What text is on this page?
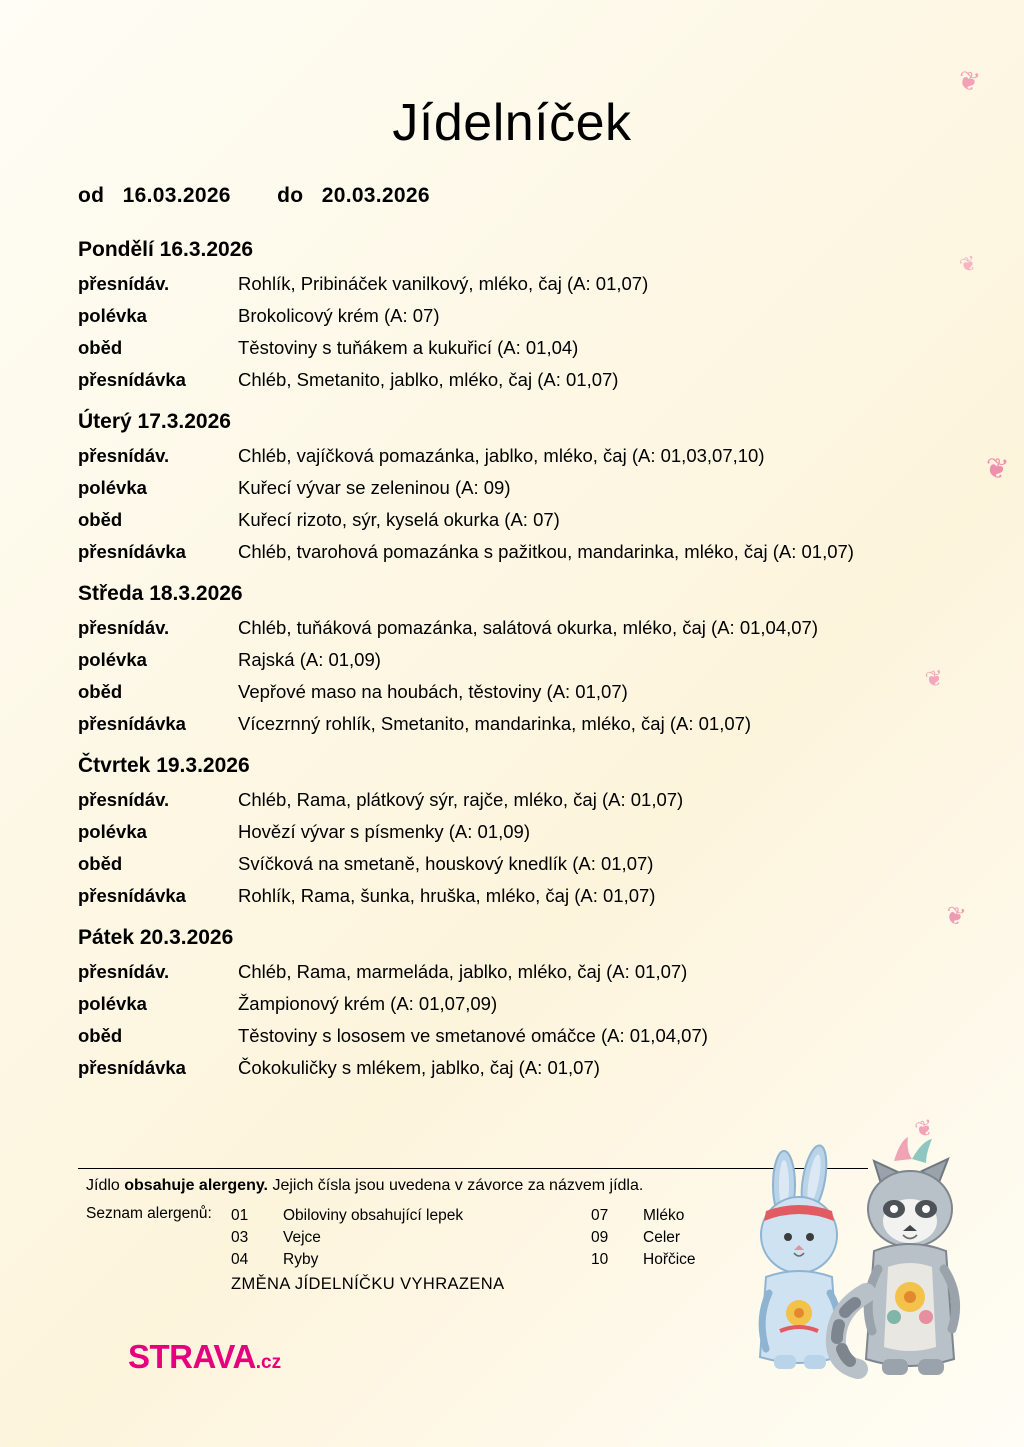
❦
❦
❦
❦
❦
❦
Jídelníček
od 16.03.2026 do 20.03.2026
Pondělí 16.3.2026
přesnídáv.	Rohlík, Pribináček vanilkový, mléko, čaj (A: 01,07)
polévka	Brokolicový krém (A: 07)
oběd	Těstoviny s tuňákem a kukuřicí (A: 01,04)
přesnídávka	Chléb, Smetanito, jablko, mléko, čaj (A: 01,07)
Úterý 17.3.2026
přesnídáv.	Chléb, vajíčková pomazánka, jablko, mléko, čaj (A: 01,03,07,10)
polévka	Kuřecí vývar se zeleninou (A: 09)
oběd	Kuřecí rizoto, sýr, kyselá okurka (A: 07)
přesnídávka	Chléb, tvarohová pomazánka s pažitkou, mandarinka, mléko, čaj (A: 01,07)
Středa 18.3.2026
přesnídáv.	Chléb, tuňáková pomazánka, salátová okurka, mléko, čaj (A: 01,04,07)
polévka	Rajská (A: 01,09)
oběd	Vepřové maso na houbách, těstoviny (A: 01,07)
přesnídávka	Vícezrnný rohlík, Smetanito, mandarinka, mléko, čaj (A: 01,07)
Čtvrtek 19.3.2026
přesnídáv.	Chléb, Rama, plátkový sýr, rajče, mléko, čaj (A: 01,07)
polévka	Hovězí vývar s písmenky (A: 01,09)
oběd	Svíčková na smetaně, houskový knedlík (A: 01,07)
přesnídávka	Rohlík, Rama, šunka, hruška, mléko, čaj (A: 01,07)
Pátek 20.3.2026
přesnídáv.	Chléb, Rama, marmeláda, jablko, mléko, čaj (A: 01,07)
polévka	Žampionový krém (A: 01,07,09)
oběd	Těstoviny s lososem ve smetanové omáčce (A: 01,04,07)
přesnídávka	Čokokuličky s mlékem, jablko, čaj (A: 01,07)
Jídlo obsahuje alergeny. Jejich čísla jsou uvedena v závorce za názvem jídla.
Seznam alergenů:	01	Obiloviny obsahující lepek
03	Vejce
04	Ryby
07	Mléko
09	Celer
10	Hořčice
ZMĚNA JÍDELNÍČKU VYHRAZENA
STRAVA.cz
